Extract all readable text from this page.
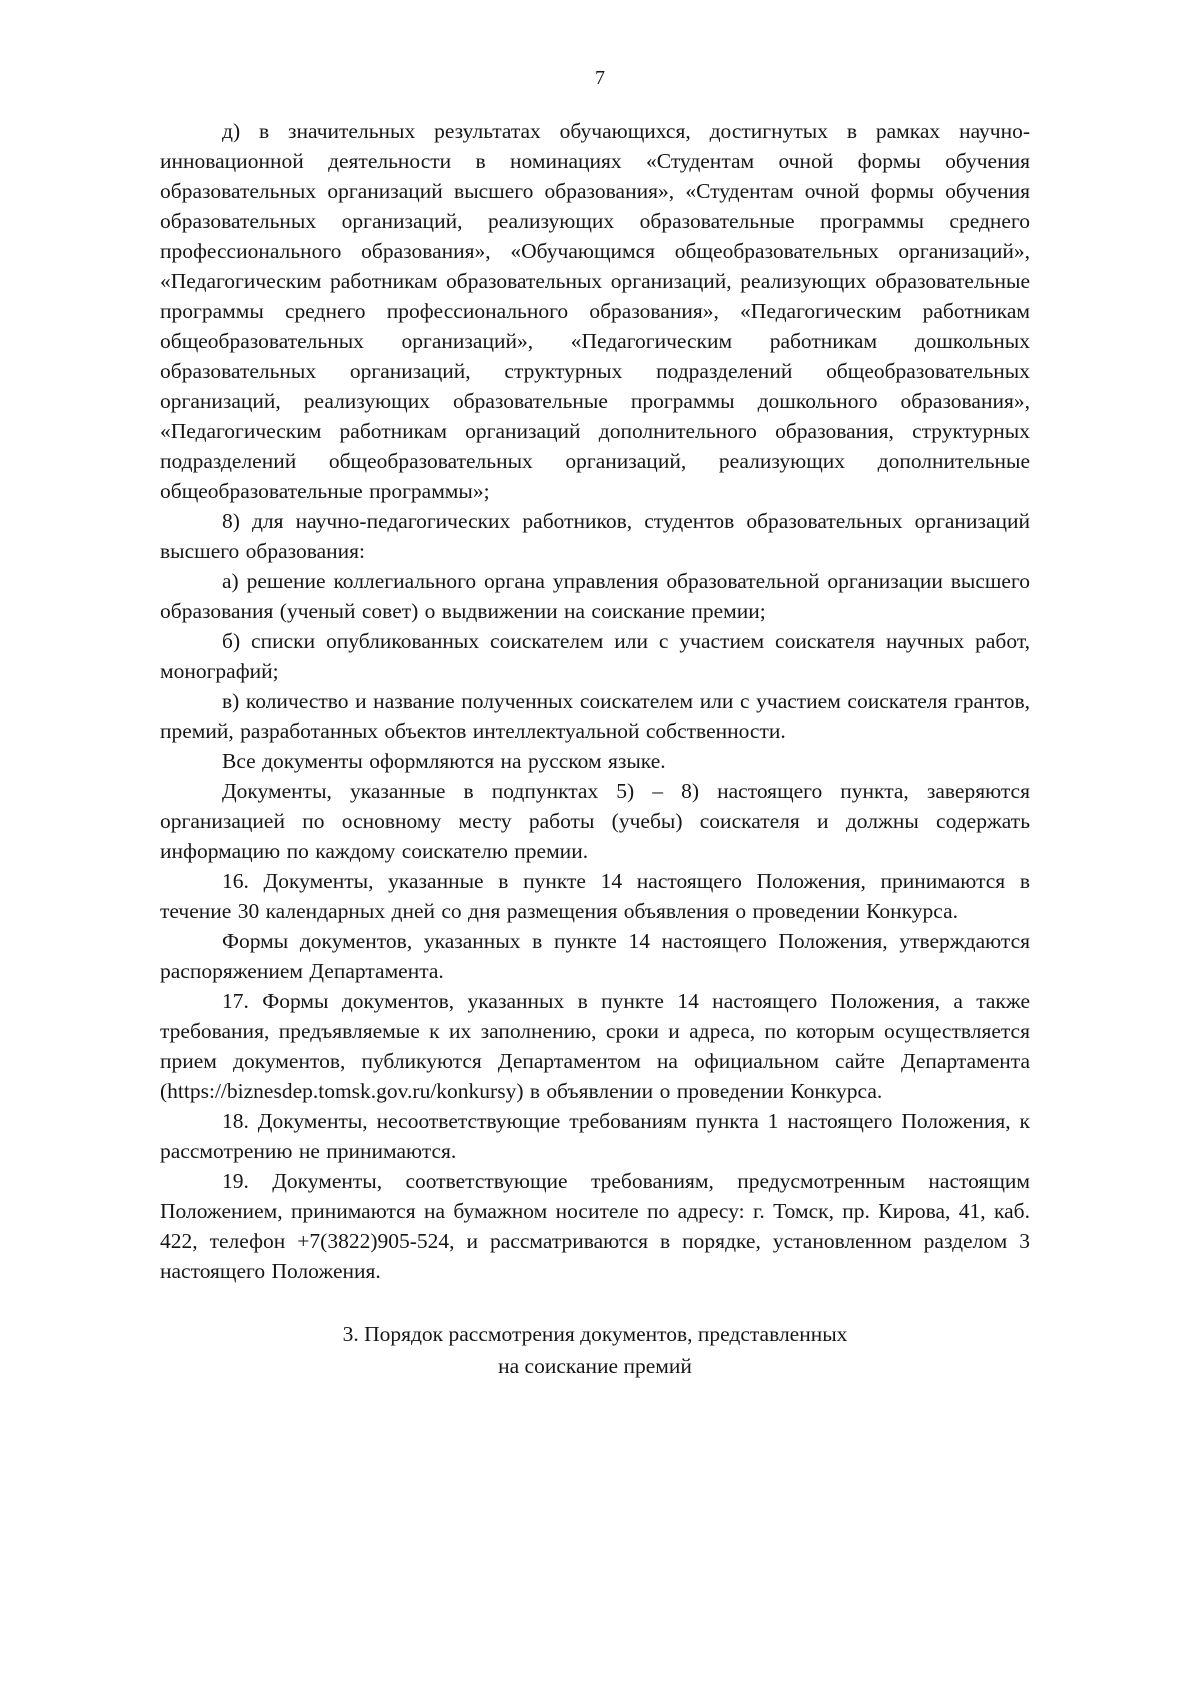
7

д) в значительных результатах обучающихся, достигнутых в рамках научно-инновационной деятельности в номинациях «Студентам очной формы обучения образовательных организаций высшего образования», «Студентам очной формы обучения образовательных организаций, реализующих образовательные программы среднего профессионального образования», «Обучающимся общеобразовательных организаций», «Педагогическим работникам образовательных организаций, реализующих образовательные программы среднего профессионального образования», «Педагогическим работникам общеобразовательных организаций», «Педагогическим работникам дошкольных образовательных организаций, структурных подразделений общеобразовательных организаций, реализующих образовательные программы дошкольного образования», «Педагогическим работникам организаций дополнительного образования, структурных подразделений общеобразовательных организаций, реализующих дополнительные общеобразовательные программы»;

8) для научно-педагогических работников, студентов образовательных организаций высшего образования:

а) решение коллегиального органа управления образовательной организации высшего образования (ученый совет) о выдвижении на соискание премии;

б) списки опубликованных соискателем или с участием соискателя научных работ, монографий;

в) количество и название полученных соискателем или с участием соискателя грантов, премий, разработанных объектов интеллектуальной собственности.

Все документы оформляются на русском языке.

Документы, указанные в подпунктах 5) – 8) настоящего пункта, заверяются организацией по основному месту работы (учебы) соискателя и должны содержать информацию по каждому соискателю премии.

16. Документы, указанные в пункте 14 настоящего Положения, принимаются в течение 30 календарных дней со дня размещения объявления о проведении Конкурса.

Формы документов, указанных в пункте 14 настоящего Положения, утверждаются распоряжением Департамента.

17. Формы документов, указанных в пункте 14 настоящего Положения, а также требования, предъявляемые к их заполнению, сроки и адреса, по которым осуществляется прием документов, публикуются Департаментом на официальном сайте Департамента (https://biznesdep.tomsk.gov.ru/konkursy) в объявлении о проведении Конкурса.

18. Документы, несоответствующие требованиям пункта 1 настоящего Положения, к рассмотрению не принимаются.

19. Документы, соответствующие требованиям, предусмотренным настоящим Положением, принимаются на бумажном носителе по адресу: г. Томск, пр. Кирова, 41, каб. 422, телефон +7(3822)905-524, и рассматриваются в порядке, установленном разделом 3 настоящего Положения.

3. Порядок рассмотрения документов, представленных
на соискание премий
